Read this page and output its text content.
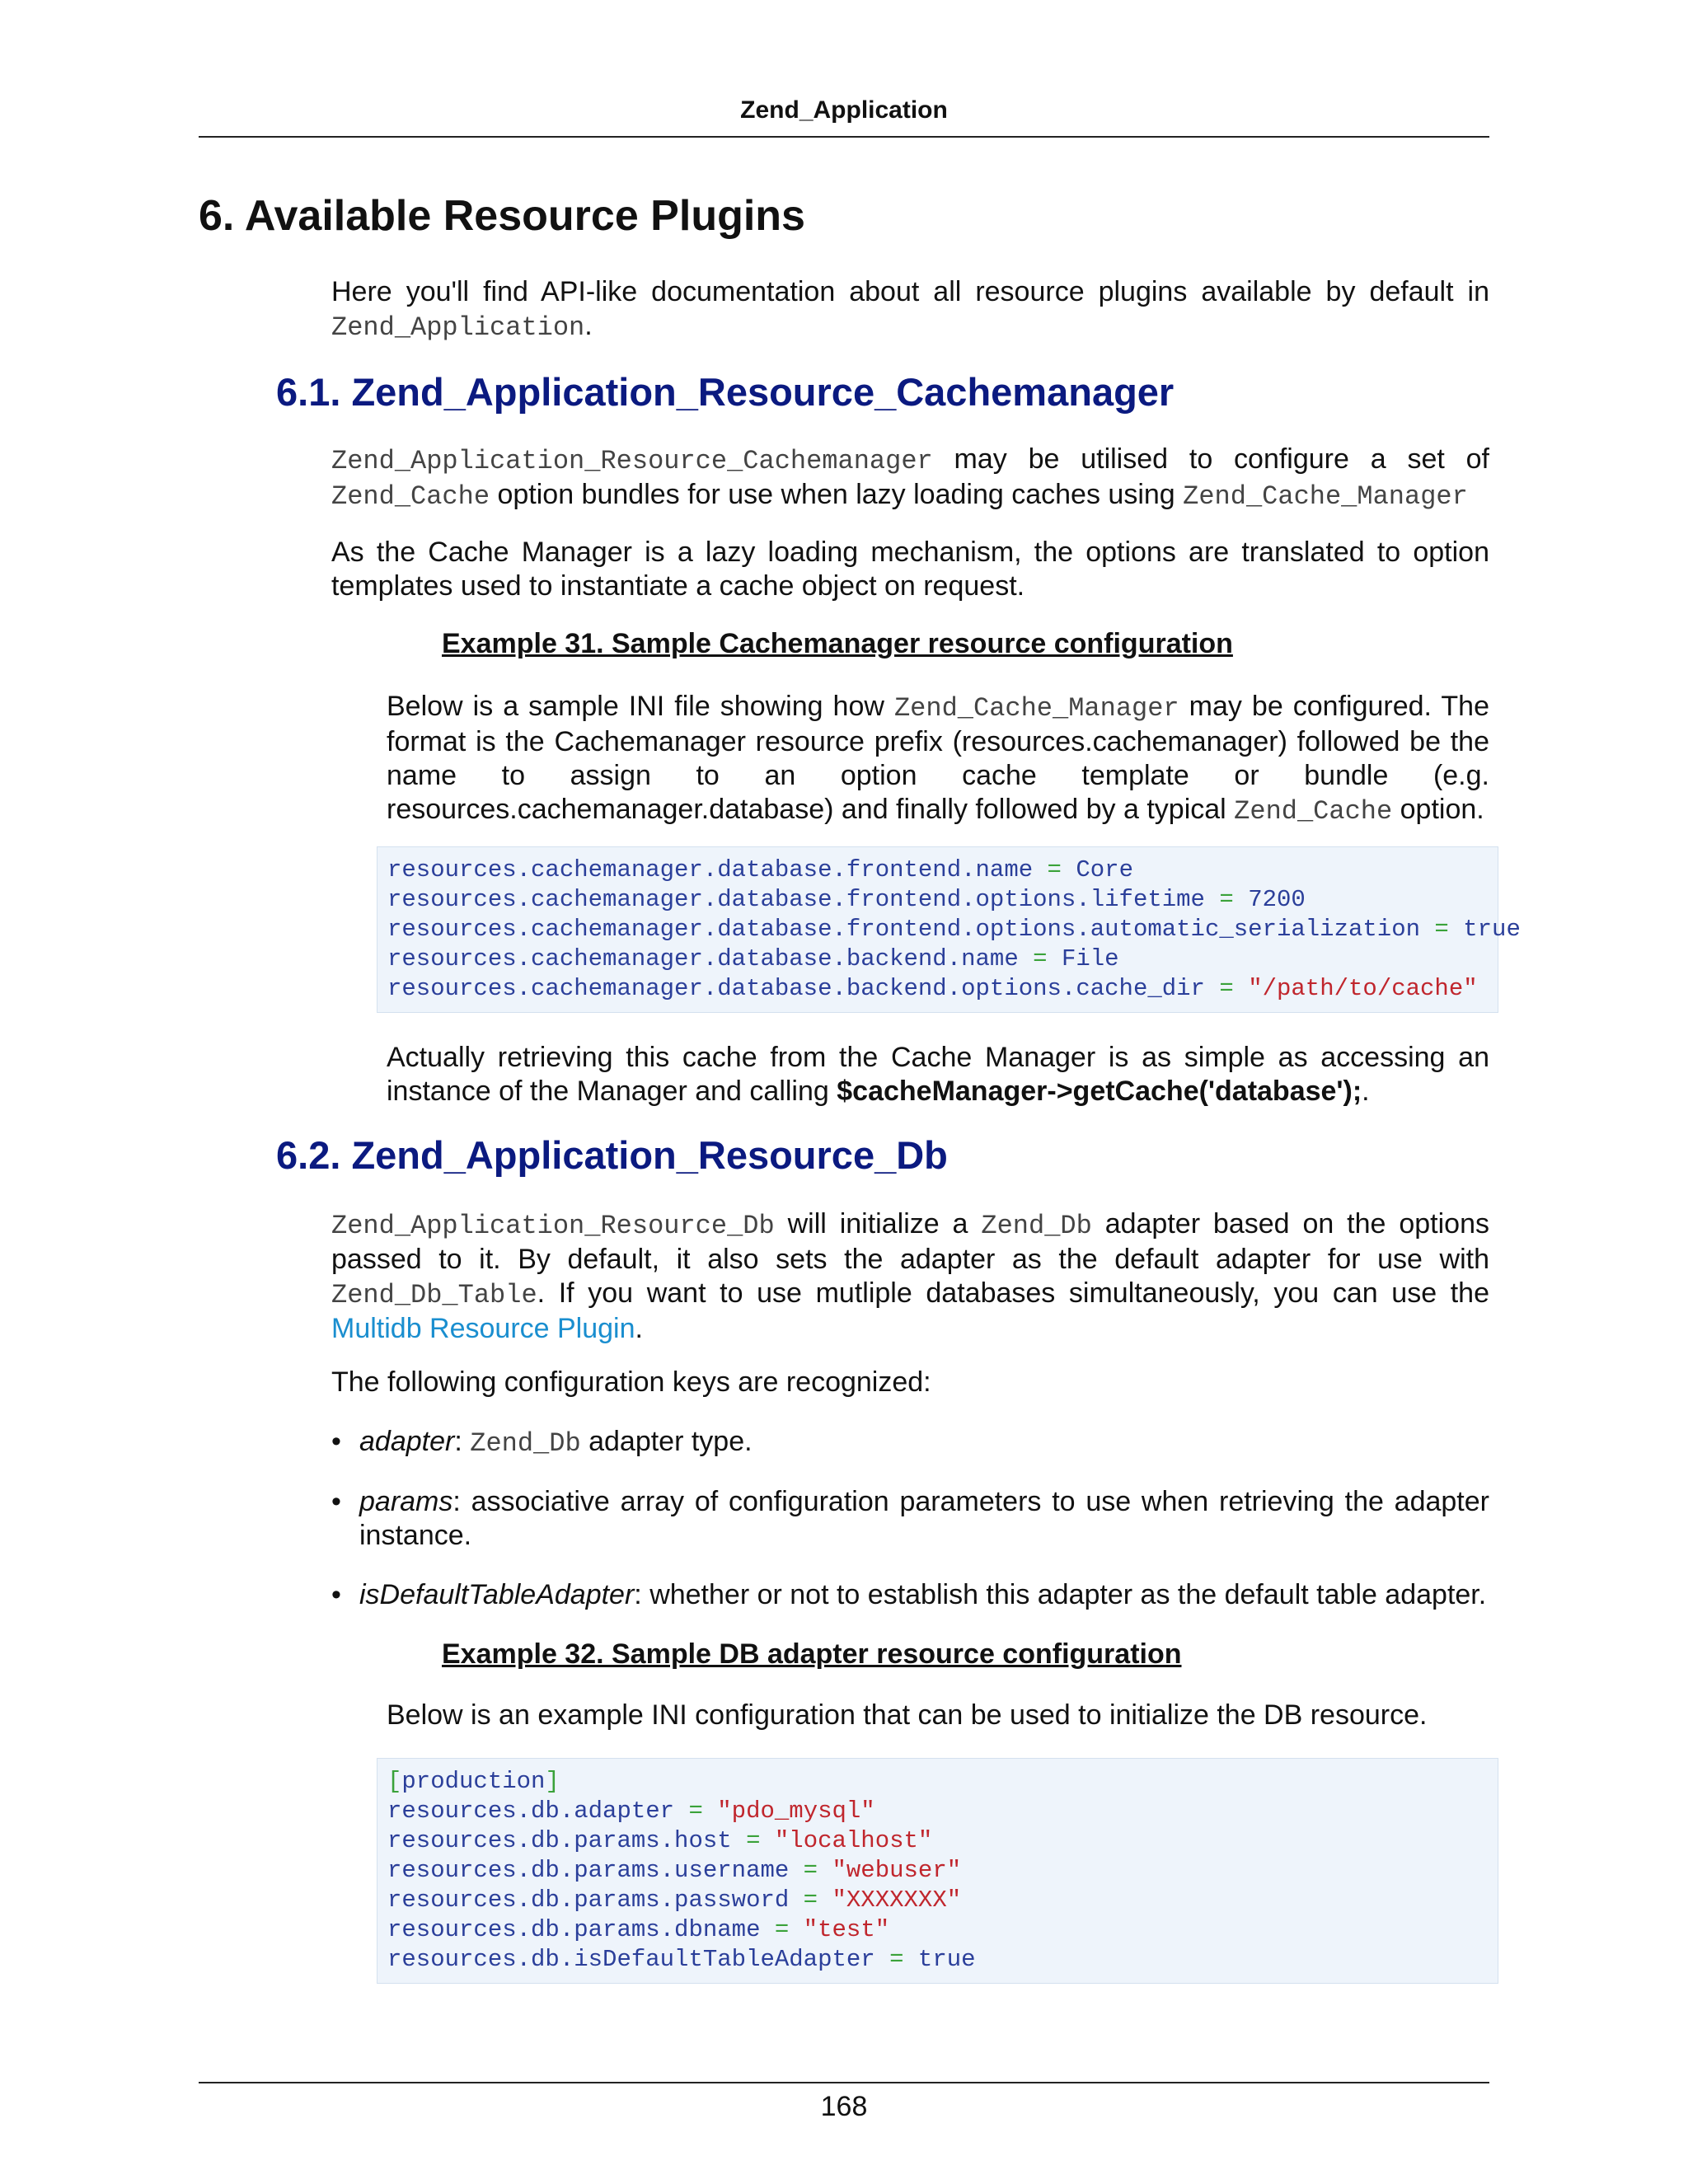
Zend_Application
6. Available Resource Plugins
Here you'll find API-like documentation about all resource plugins available by default in Zend_Application.
6.1. Zend_Application_Resource_Cachemanager
Zend_Application_Resource_Cachemanager may be utilised to configure a set of Zend_Cache option bundles for use when lazy loading caches using Zend_Cache_Manager
As the Cache Manager is a lazy loading mechanism, the options are translated to option templates used to instantiate a cache object on request.
Example 31. Sample Cachemanager resource configuration
Below is a sample INI file showing how Zend_Cache_Manager may be configured. The format is the Cachemanager resource prefix (resources.cachemanager) followed be the name to assign to an option cache template or bundle (e.g. resources.cachemanager.database) and finally followed by a typical Zend_Cache option.
resources.cachemanager.database.frontend.name = Core
resources.cachemanager.database.frontend.options.lifetime = 7200
resources.cachemanager.database.frontend.options.automatic_serialization = true
resources.cachemanager.database.backend.name = File
resources.cachemanager.database.backend.options.cache_dir = "/path/to/cache"
Actually retrieving this cache from the Cache Manager is as simple as accessing an instance of the Manager and calling $cacheManager->getCache('database');.
6.2. Zend_Application_Resource_Db
Zend_Application_Resource_Db will initialize a Zend_Db adapter based on the options passed to it. By default, it also sets the adapter as the default adapter for use with Zend_Db_Table. If you want to use mutliple databases simultaneously, you can use the Multidb Resource Plugin.
The following configuration keys are recognized:
• adapter: Zend_Db adapter type.
• params: associative array of configuration parameters to use when retrieving the adapter instance.
• isDefaultTableAdapter: whether or not to establish this adapter as the default table adapter.
Example 32. Sample DB adapter resource configuration
Below is an example INI configuration that can be used to initialize the DB resource.
[production]
resources.db.adapter = "pdo_mysql"
resources.db.params.host = "localhost"
resources.db.params.username = "webuser"
resources.db.params.password = "XXXXXXX"
resources.db.params.dbname = "test"
resources.db.isDefaultTableAdapter = true
168
